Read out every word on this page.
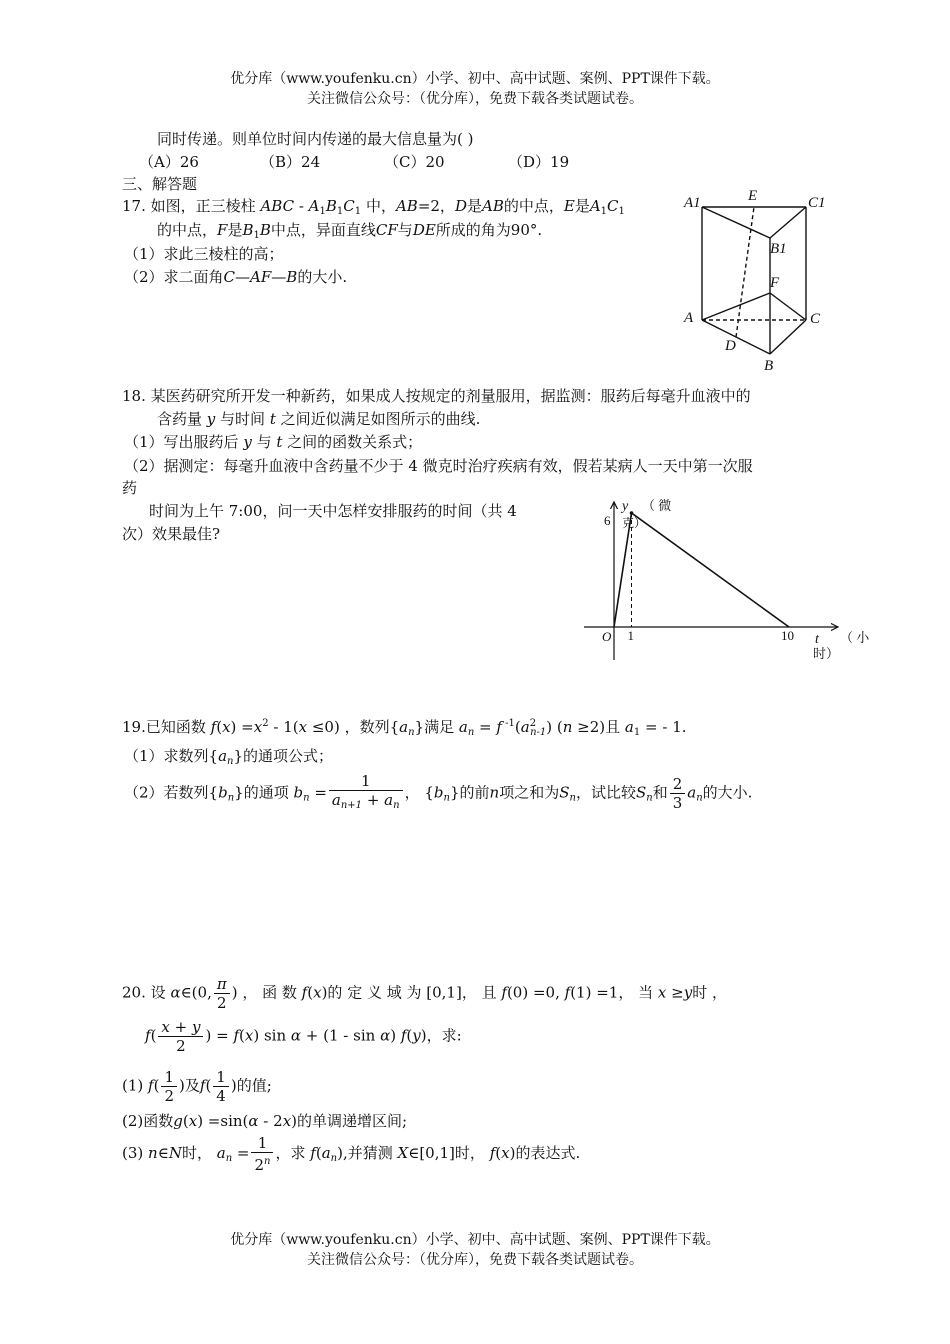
优分库（www.youfenku.cn）小学、初中、高中试题、案例、PPT课件下载。
关注微信公众号：（优分库），免费下载各类试题试卷。
同时传递。则单位时间内传递的最大信息量为( )
（A）26	（B）24	（C）20	（D）19
三、解答题
17. 如图，正三棱柱 ABC - $A_1B_1C_1$ 中，AB=2，D是AB的中点，E是$A_1C_1$
的中点，F是$B_1B$中点，异面直线CF与DE所成的角为90°.
（1）求此三棱柱的高；
（2）求二面角C—AF—B的大小.
A1	E	C1
B1
F
A	C
D
B
18. 某医药研究所开发一种新药，如果成人按规定的剂量服用，据监测：服药后每毫升血液中的
含药量 y 与时间 t 之间近似满足如图所示的曲线.
（1）写出服药后 y 与 t 之间的函数关系式；
（2）据测定：每毫升血液中含药量不少于 4 微克时治疗疾病有效，假若某病人一天中第一次服
药
时间为上午 7:00，问一天中怎样安排服药的时间（共 4
次）效果最佳?
y （ 微
克）
6
O 1	10 t （ 小
时）
19.已知函数 $f(x) =x^2 - 1(x \le 0)$ ，数列$\{a_n\}$满足 $a_n = f$ $^{-1}(a^2_{n-1})$ (n ≥2)且 $a_1$ = - 1.
（1）求数列$\{a_n\}$的通项公式；
（2）若数列$\{b_n\}$的通项 $b_n = \frac{1}{a_{n+1} + a_n}$ ， $\{b_n\}$的前n项之和为$S_n$，试比较$S_n$和 $\frac{2}{3} a_n$的大小.
20. 设 α∈(0, $\frac{\pi}{2}$ ) ， 函 数 f(x)的 定 义 域 为 [0,1]， 且 f(0) =0, f(1) =1， 当 x ≥y时 ，
$f( \frac{x + y}{2}$ ) = f(x) sin α + (1 - sin α) f(y)，求:
(1) $f( \frac{1}{2}$ )及$f( \frac{1}{4}$ )的值;
(2)函数g(x) =sin(α - 2x)的单调递增区间;
(3) n∈N时， $a_n = \frac{1}{2^n}$ ，求 $f(a_n)$,并猜测 X∈[0,1]时， f(x)的表达式.
优分库（www.youfenku.cn）小学、初中、高中试题、案例、PPT课件下载。
关注微信公众号：（优分库），免费下载各类试题试卷。
